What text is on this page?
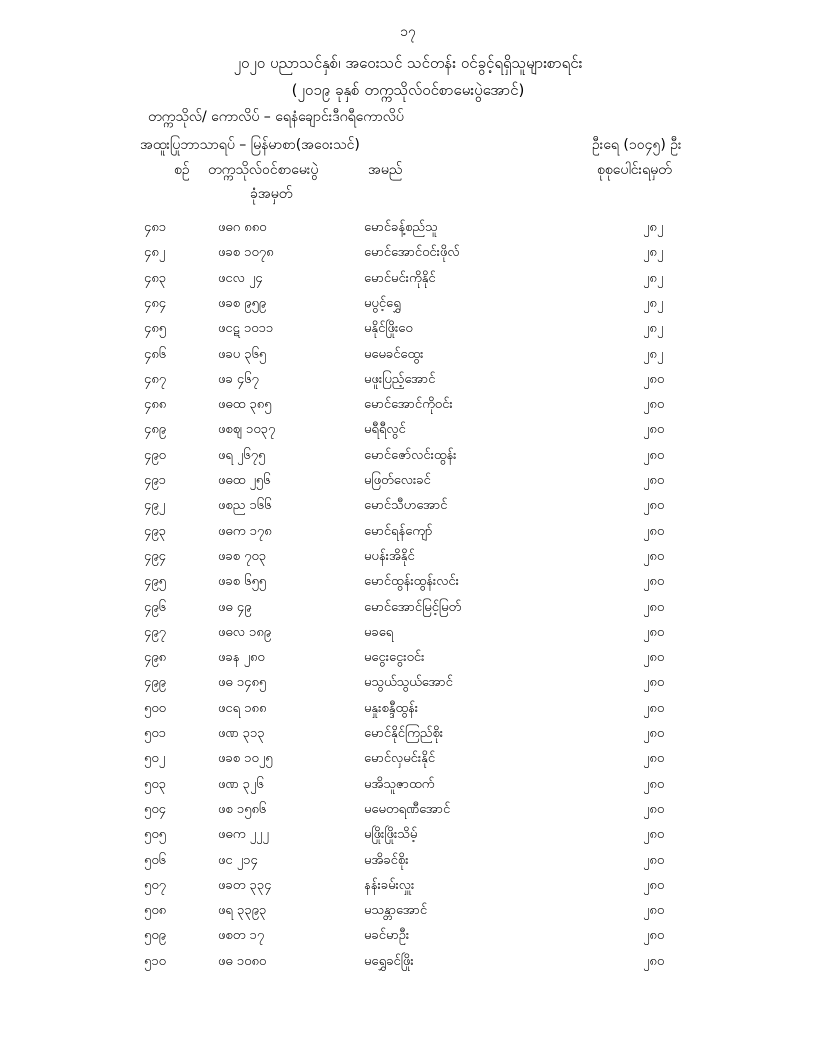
၁၇
၂၀၂၀ ပညာသင်နှစ်၊ အဝေးသင် သင်တန်း ဝင်ခွင့်ရရှိသူများစာရင်း
(၂၀၁၉ ခုနှစ် တက္ကသိုလ်ဝင်စာမေးပွဲအောင်)
တက္ကသိုလ်/ ကောလိပ် – ရေနံချောင်းဒီဂရီကောလိပ်
အထူးပြုဘာသာရပ် – မြန်မာစာ(အဝေးသင်)	ဦးရေ (၁၀၄၅) ဦး
စဉ် တက္ကသိုလ်ဝင်စာမေးပွဲ
ခုံအမှတ်
အမည်	စုစုပေါင်းရမှတ်
၄၈၁	ဖဓဂ ၈၈၀	မောင်ခန့်စည်သူ	၂၈၂
၄၈၂	ဖခစ ၁၀၇၈	မောင်အောင်ဝင်းဖိုလ်	၂၈၂
၄၈၃	ဖငလ ၂၄	မောင်မင်းကိုနိုင်	၂၈၂
၄၈၄	ဖခစ ၉၅၉	မပွင့်ရွှေ	၂၈၂
၄၈၅	ဖငဋ ၁၀၁၁	မနိုင်ဖြိုးဝေ	၂၈၂
၄၈၆	ဖခပ ၃၆၅	မမေခင်ထွေး	၂၈၂
၄၈၇	ဖခ ၄၆၇	မဖူးပြည့်အောင်	၂၈၀
၄၈၈	ဖဓထ ၃၈၅	မောင်အောင်ကိုဝင်း	၂၈၀
၄၈၉	ဖစဈ ၁၀၃၇	မရီရီလွင်	၂၈၀
၄၉၀	ဖရ ၂၆၇၅	မောင်ဇော်လင်းထွန်း	၂၈၀
၄၉၁	ဖဓထ ၂၅၆	မဖြတ်လေးခင်	၂၈၀
၄၉၂	ဖစည ၁၆၆	မောင်သီဟအောင်	၂၈၀
၄၉၃	ဖဓက ၁၇၈	မောင်ရန်ကျော်	၂၈၀
၄၉၄	ဖခစ ၇၀၃	မပန်းအိနိုင်	၂၈၀
၄၉၅	ဖခစ ၆၅၅	မောင်ထွန်းထွန်းလင်း	၂၈၀
၄၉၆	ဖဓ ၄၉	မောင်အောင်မြင့်မြတ်	၂၈၀
၄၉၇	ဖဓလ ၁၈၉	မခရေ	၂၈၀
၄၉၈	ဖခန ၂၈၀	မငွေးငွေးဝင်း	၂၈၀
၄၉၉	ဖဓ ၁၄၈၅	မသွယ်သွယ်အောင်	၂၈၀
၅၀၀	ဖငရ ၁၈၈	မနှုးစန္ဒီထွန်း	၂၈၀
၅၀၁	ဖဏ ၃၁၃	မောင်နိုင်ကြည်စိုး	၂၈၀
၅၀၂	ဖခစ ၁၀၂၅	မောင်လှမင်းနိုင်	၂၈၀
၅၀၃	ဖဏ ၃၂၆	မအိသူဇာထက်	၂၈၀
၅၀၄	ဖစ ၁၅၈၆	မမေတရဏီအောင်	၂၈၀
၅၀၅	ဖဓက ၂၂၂	မဖြိုးဖြိုးသိမ့်	၂၈၀
၅၀၆	ဖင ၂၁၄	မအိခင်စိုး	၂၈၀
၅၀၇	ဖခတ ၃၃၄	နန်းခမ်းလှူး	၂၈၀
၅၀၈	ဖရ ၃၃၉၃	မသန္တာအောင်	၂၈၀
၅၀၉	ဖစတ ၁၇	မခင်မာဦး	၂၈၀
၅၁၀	ဖဓ ၁၀၈၀	မရွှေခင်ဖြိုး	၂၈၀
